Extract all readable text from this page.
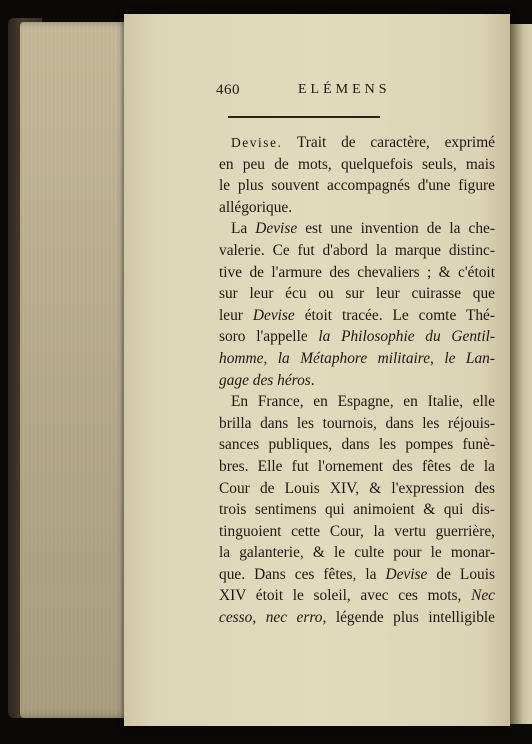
460	ELÉMENS
Devise. Trait de caractère, exprimé
en peu de mots, quelquefois seuls, mais
le plus souvent accompagnés d'une figure
allégorique.
La Devise est une invention de la che-
valerie. Ce fut d'abord la marque distinc-
tive de l'armure des chevaliers ; & c'étoit
sur leur écu ou sur leur cuirasse que
leur Devise étoit tracée. Le comte Thé-
soro l'appelle la Philosophie du Gentil-
homme, la Métaphore militaire, le Lan-
gage des héros.
En France, en Espagne, en Italie, elle
brilla dans les tournois, dans les réjouis-
sances publiques, dans les pompes funè-
bres. Elle fut l'ornement des fêtes de la
Cour de Louis XIV, & l'expression des
trois sentimens qui animoient & qui dis-
tinguoient cette Cour, la vertu guerrière,
la galanterie, & le culte pour le monar-
que. Dans ces fêtes, la Devise de Louis
XIV étoit le soleil, avec ces mots, Nec
cesso, nec erro, légende plus intelligible
